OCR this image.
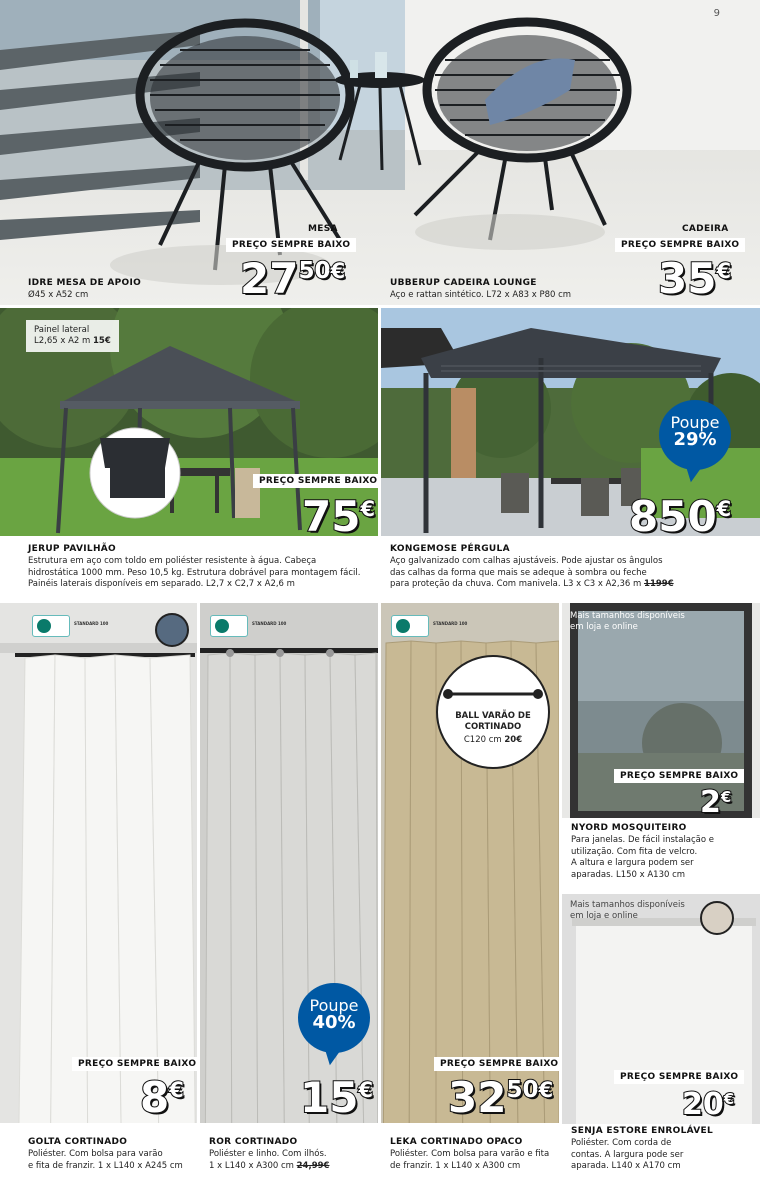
9
MESA
PREÇO SEMPRE BAIXO
$27^{50€}$
IDRE MESA DE APOIO
Ø45 x A52 cm
CADEIRA
PREÇO SEMPRE BAIXO
35€
UBBERUP CADEIRA LOUNGE
Aço e rattan sintético. L72 x A83 x P80 cm
Painel lateral
L2,65 x A2 m 15€
PREÇO SEMPRE BAIXO
75€
JERUP PAVILHÃO
Estrutura em aço com toldo em poliéster resistente à água. Cabeça
hidrostática 1000 mm. Peso 10,5 kg. Estrutura dobrável para montagem fácil.
Painéis laterais disponíveis em separado. L2,7 x C2,7 x A2,6 m
Poupe
29%
850€
KONGEMOSE PÉRGULA
Aço galvanizado com calhas ajustáveis. Pode ajustar os ângulos
das calhas da forma que mais se adeque à sombra ou feche
para proteção da chuva. Com manivela. L3 x C3 x A2,36 m 1199€
STANDARD 100
PREÇO SEMPRE BAIXO
8€
GOLTA CORTINADO
Poliéster. Com bolsa para varão
e fita de franzir. 1 x L140 x A245 cm
STANDARD 100
Poupe
40%
15€
ROR CORTINADO
Poliéster e linho. Com ilhós.
1 x L140 x A300 cm 24,99€
STANDARD 100
BALL VARÃO DE
CORTINADO
C120 cm 20€
PREÇO SEMPRE BAIXO
$32^{50€}$
LEKA CORTINADO OPACO
Poliéster. Com bolsa para varão e fita
de franzir. 1 x L140 x A300 cm
Mais tamanhos disponíveis
em loja e online
PREÇO SEMPRE BAIXO
2€
NYORD MOSQUITEIRO
Para janelas. De fácil instalação e
utilização. Com fita de velcro.
A altura e largura podem ser
aparadas. L150 x A130 cm
Mais tamanhos disponíveis
em loja e online
PREÇO SEMPRE BAIXO
20€
SENJA ESTORE ENROLÁVEL
Poliéster. Com corda de
contas. A largura pode ser
aparada. L140 x A170 cm
